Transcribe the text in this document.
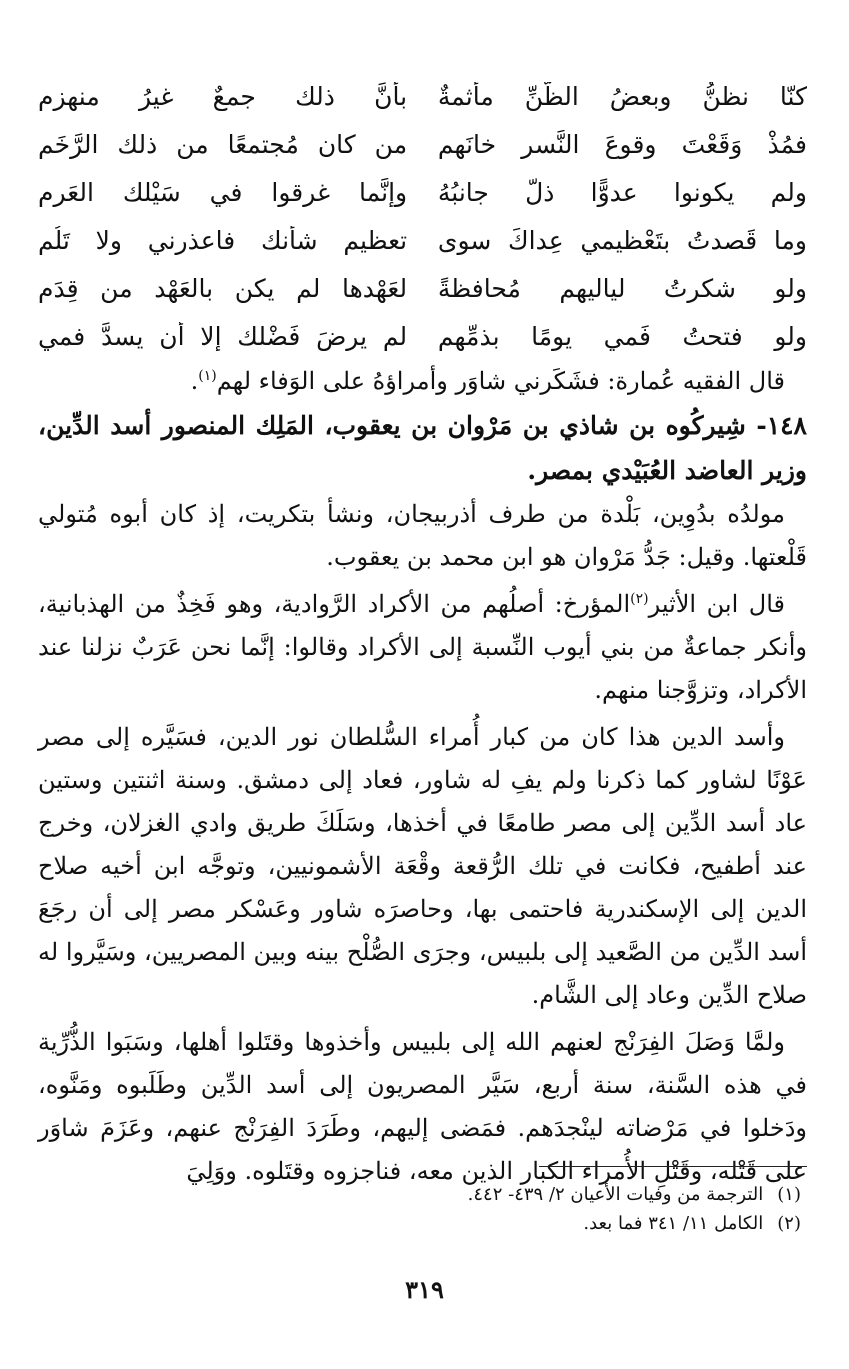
كنّا نظنُّ وبعضُ الظَّنِّ مأثمةٌ
بأنَّ ذلك جمعٌ غيرُ منهزمِ
فمُذْ وَقَعْتَ وقوعَ النَّسر خانَهم
من كان مُجتمعًا من ذلك الرَّخَم
ولم يكونوا عدوًّا ذلَّ جانبُهُ
وإنَّما غرقوا في سَيْلك العَرِم
وما قَصدتُ بتَعْظيمي عِداكَ سوى
تعظيم شأنك فاعذرني ولا تَلُم
ولو شكرتُ لياليهم مُحافظةً
لعَهْدها لم يكن بالعَهْد من قِدَم
ولو فتحتُ فَمي يومًا بذمِّهم
لم يرضَ فَضْلك إلا أن يسدَّ فمي

قال الفقيه عُمارة: فشَكَرني شاوَر وأمراؤهُ على الوَفاء لهم$^{(١)}$.

١٤٨- شِيركُوه بن شاذي بن مَرْوان بن يعقوب، المَلِك المنصور أسد الدِّين، وزير العاضد العُبَيْدي بمصر.

مولدُه بدُوِين، بَلْدة من طرف أذربيجان، ونشأ بتكريت، إذ كان أبوه مُتولي قَلْعتها. وقيل: جَدُّ مَرْوان هو ابن محمد بن يعقوب.

قال ابن الأثير$^{(٢)}$المؤرخ: أصلُهم من الأكراد الرَّوادية، وهو فَخِذٌ من الهذبانية، وأنكر جماعةٌ من بني أيوب النِّسبة إلى الأكراد وقالوا: إنَّما نحن عَرَبٌ نزلنا عند الأكراد، وتزوَّجنا منهم.

وأسد الدين هذا كان من كبار أُمراء السُّلطان نور الدين، فسَيَّره إلى مصر عَوْنًا لشاور كما ذكرنا ولم يفِ له شاور، فعاد إلى دمشق. وسنة اثنتين وستين عاد أسد الدِّين إلى مصر طامعًا في أخذها، وسَلَكَ طريق وادي الغزلان، وخرج عند أطفيح، فكانت في تلك الرُّقعة وقْعَة الأشمونيين، وتوجَّه ابن أخيه صلاح الدين إلى الإسكندرية فاحتمى بها، وحاصرَه شاور وعَسْكر مصر إلى أن رجَعَ أسد الدِّين من الصَّعيد إلى بلبيس، وجرَى الصُّلْح بينه وبين المصريين، وسَيَّروا له صلاح الدِّين وعاد إلى الشَّام.

ولمَّا وَصَلَ الفِرَنْج لعنهم الله إلى بلبيس وأخذوها وقتَلوا أهلها، وسَبَوا الذُّرِّية في هذه السَّنة، سنة أربع، سَيَّر المصريون إلى أسد الدِّين وطَلَبوه ومَنَّوه، ودَخلوا في مَرْضاته لينْجدَهم. فمَضى إليهم، وطَرَدَ الفِرَنْج عنهم، وعَزَمَ شاوَر على قَتْله، وقَتْلِ الأُمراء الكبار الذين معه، فناجزوه وقتَلوه. ووَلِيَ

(١)
الترجمة من وفيات الأعيان ٢/ ٤٣٩- ٤٤٢.
(٢)
الكامل ١١/ ٣٤١ فما بعد.
٣١٩
